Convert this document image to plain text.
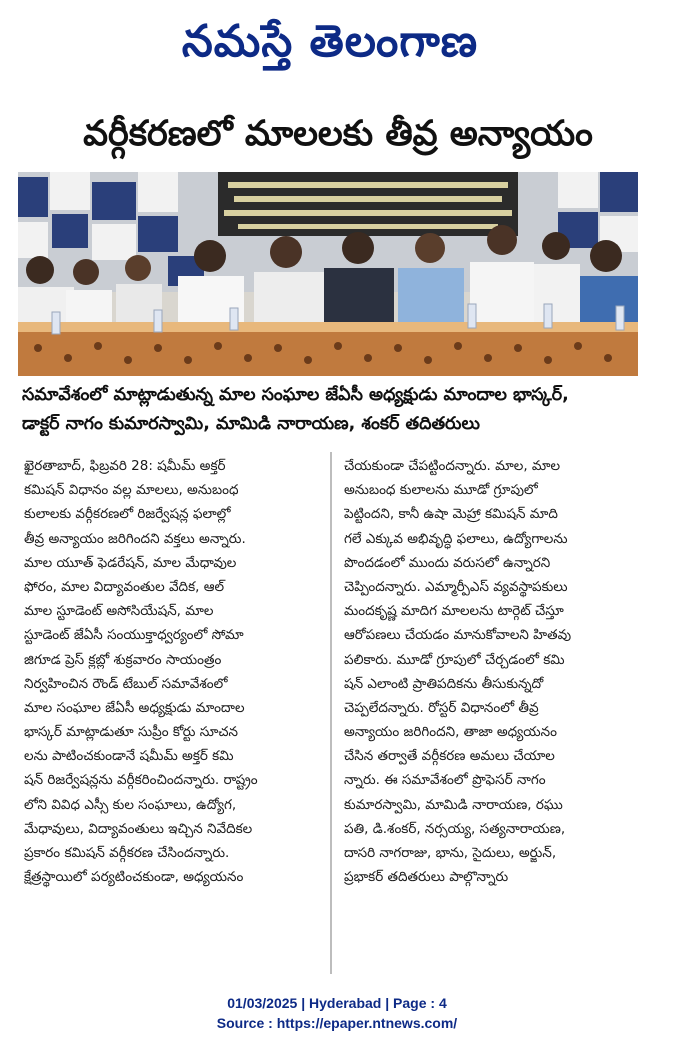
నమస్తే తెలంగాణ
వర్గీకరణలో మాలలకు తీవ్ర అన్యాయం
సమావేశంలో మాట్లాడుతున్న మాల సంఘాల జేఏసీ అధ్యక్షుడు మాందాల భాస్కర్,
డాక్టర్ నాగం కుమారస్వామి, మామిడి నారాయణ, శంకర్ తదితరులు
ఖైరతాబాద్, ఫిబ్రవరి 28: షమీమ్ అక్తర్
కమిషన్ విధానం వల్ల మాలలు, అనుబంధ
కులాలకు వర్గీకరణలో రిజర్వేషన్ల ఫలాల్లో
తీవ్ర అన్యాయం జరిగిందని వక్తలు అన్నారు.
మాల యూత్ ఫెడరేషన్, మాల మేధావుల
ఫోరం, మాల విద్యావంతుల వేదిక, ఆల్
మాల స్టూడెంట్ అసోసియేషన్, మాల
స్టూడెంట్ జేఏసీ సంయుక్తాధ్వర్యంలో సోమా
జిగూడ ప్రెస్ క్లబ్లో శుక్రవారం సాయంత్రం
నిర్వహించిన రౌండ్ టేబుల్ సమావేశంలో
మాల సంఘాల జేఏసీ అధ్యక్షుడు మాందాల
భాస్కర్ మాట్లాడుతూ సుప్రీం కోర్టు సూచన
లను పాటించకుండానే షమీమ్ అక్తర్ కమి
షన్ రిజర్వేషన్లను వర్గీకరించిందన్నారు. రాష్ట్రం
లోని వివిధ ఎస్సీ కుల సంఘాలు, ఉద్యోగ,
మేధావులు, విద్యావంతులు ఇచ్చిన నివేదికల
ప్రకారం కమిషన్ వర్గీకరణ చేసిందన్నారు.
క్షేత్రస్థాయిలో పర్యటించకుండా, అధ్యయనం
చేయకుండా చేపట్టిందన్నారు. మాల, మాల
అనుబంధ కులాలను మూడో గ్రూపులో
పెట్టిందని, కానీ ఉషా మెహ్రా కమిషన్ మాది
గలే ఎక్కువ అభివృద్ధి ఫలాలు, ఉద్యోగాలను
పొందడంలో ముందు వరుసలో ఉన్నారని
చెప్పిందన్నారు. ఎమ్మార్పీఎస్ వ్యవస్థాపకులు
మందకృష్ణ మాదిగ మాలలను టార్గెట్ చేస్తూ
ఆరోపణలు చేయడం మానుకోవాలని హితవు
పలికారు. మూడో గ్రూపులో చేర్చడంలో కమి
షన్ ఎలాంటి ప్రాతిపదికను తీసుకున్నదో
చెప్పలేదన్నారు. రోస్టర్ విధానంలో తీవ్ర
అన్యాయం జరిగిందని, తాజా అధ్యయనం
చేసిన తర్వాతే వర్గీకరణ అమలు చేయాల
న్నారు. ఈ సమావేశంలో ప్రొఫెసర్ నాగం
కుమారస్వామి, మామిడి నారాయణ, రఘు
పతి, డి.శంకర్, నర్సయ్య, సత్యనారాయణ,
దాసరి నాగరాజు, భాను, సైదులు, అర్జున్,
ప్రభాకర్ తదితరులు పాల్గొన్నారు
01/03/2025 | Hyderabad | Page : 4
Source : https://epaper.ntnews.com/
